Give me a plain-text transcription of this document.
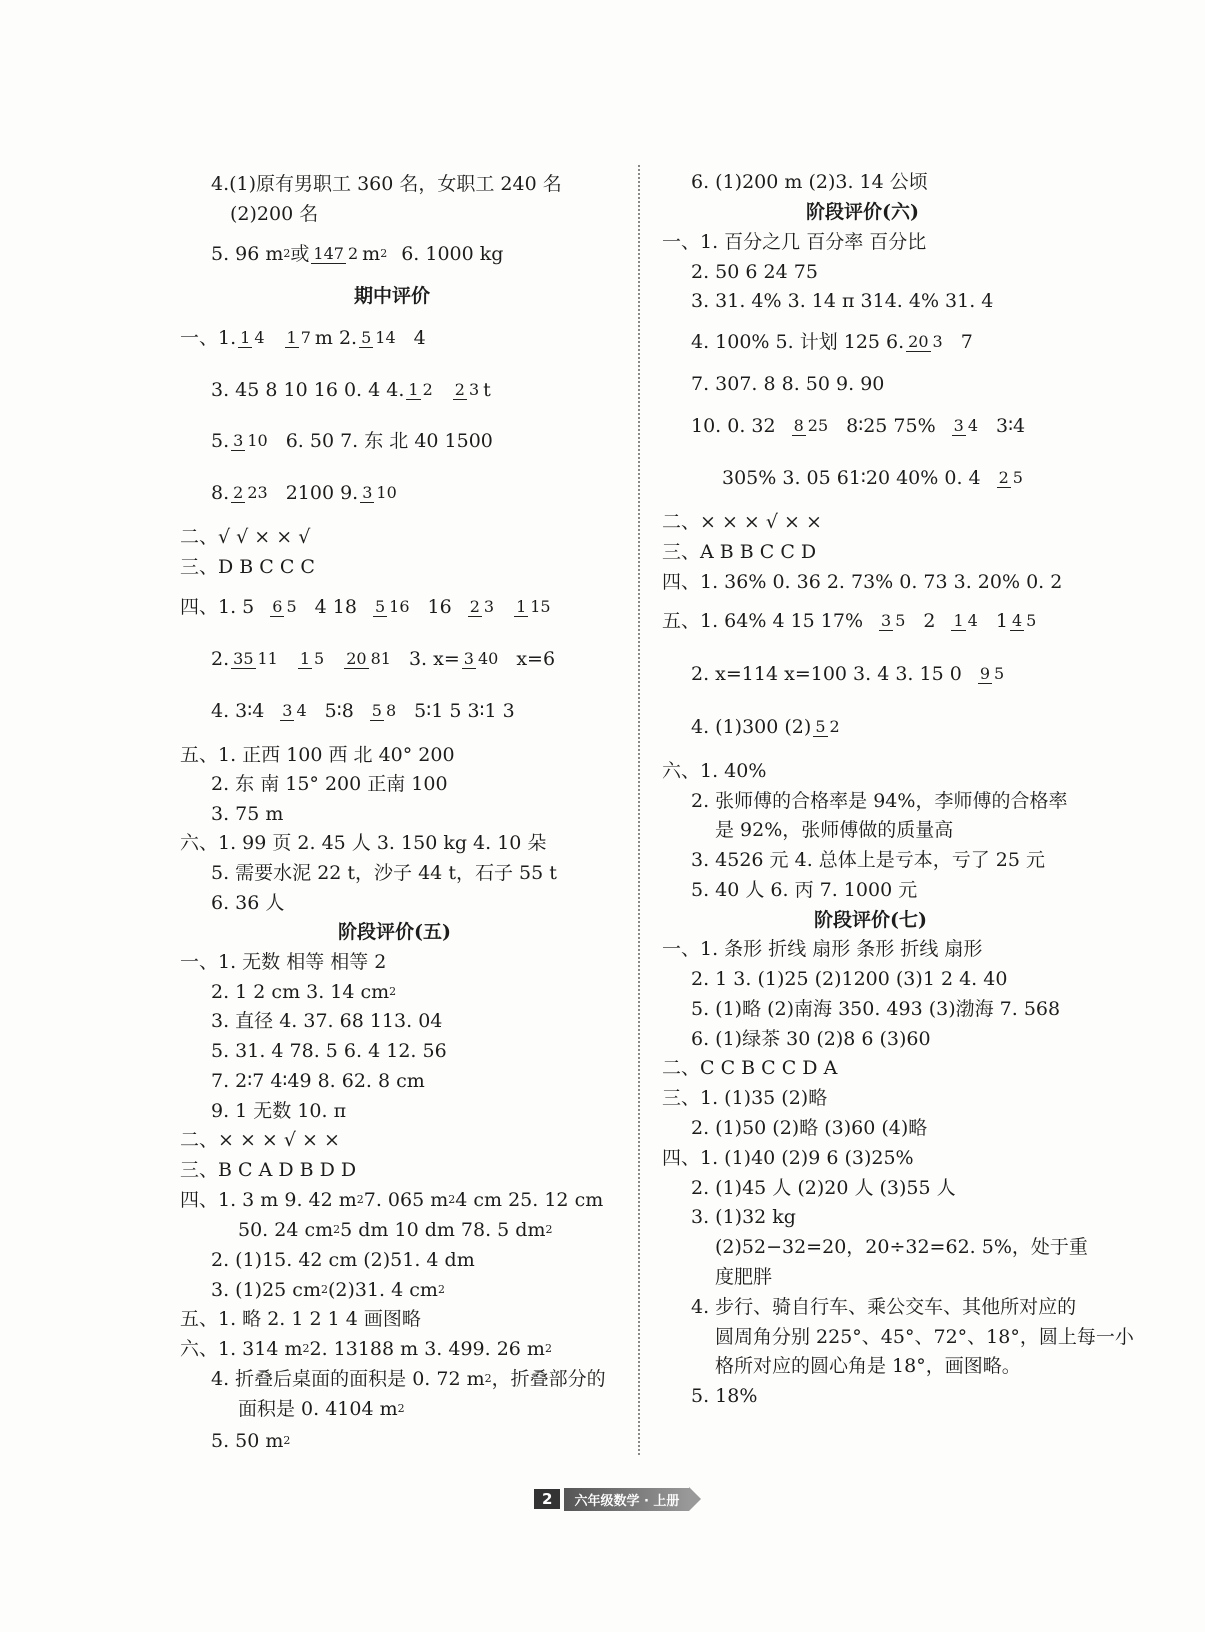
4.(1)原有男职工 360 名，女职工 240 名
(2)200 名
5. 96 m 2 或 147 2 m 2 6. 1000 kg
期中评价
一、1. 1 4 1 7 m 2. 5 14 4
3. 45 8 10 16 0. 4 4. 1 2 2 3 t
5. 3 10 6. 50 7. 东 北 40 1500
8. 2 23 2100 9. 3 10
二、√ √ × × √
三、D B C C C
四、1. 5 6 5 4 18 5 16 16 2 3 1 15
2. 35 11 1 5 20 81 3. x= 3 40 x=6
4. 3∶4 3 4 5∶8 5 8 5∶1 5 3∶1 3
五、1. 正西 100 西 北 40° 200
2. 东 南 15° 200 正南 100
3. 75 m
六、1. 99 页 2. 45 人 3. 150 kg 4. 10 朵
5. 需要水泥 22 t，沙子 44 t，石子 55 t
6. 36 人
阶段评价(五)
一、1. 无数 相等 相等 2
2. 1 2 cm 3. 14 cm 2
3. 直径 4. 37. 68 113. 04
5. 31. 4 78. 5 6. 4 12. 56
7. 2∶7 4∶49 8. 62. 8 cm
9. 1 无数 10. π
二、× × × √ × ×
三、B C A D B D D
四、1. 3 m 9. 42 m 2 7. 065 m 2 4 cm 25. 12 cm
50. 24 cm 2 5 dm 10 dm 78. 5 dm 2
2. (1)15. 42 cm (2)51. 4 dm
3. (1)25 cm 2 (2)31. 4 cm 2
五、1. 略 2. 1 2 1 4 画图略
六、1. 314 m 2 2. 13188 m 3. 499. 26 m 2
4. 折叠后桌面的面积是 0. 72 m 2 ，折叠部分的
面积是 0. 4104 m 2
5. 50 m 2
6. (1)200 m (2)3. 14 公顷
阶段评价(六)
一、1. 百分之几 百分率 百分比
2. 50 6 24 75
3. 31. 4% 3. 14 π 314. 4% 31. 4
4. 100% 5. 计划 125 6. 20 3 7
7. 307. 8 8. 50 9. 90
10. 0. 32 8 25 8∶25 75% 3 4 3∶4
305% 3. 05 61∶20 40% 0. 4 2 5
二、× × × √ × ×
三、A B B C C D
四、1. 36% 0. 36 2. 73% 0. 73 3. 20% 0. 2
五、1. 64% 4 15 17% 3 5 2 1 4 1 4 5
2. x=114 x=100 3. 4 3. 15 0 9 5
4. (1)300 (2) 5 2
六、1. 40%
2. 张师傅的合格率是 94%，李师傅的合格率
是 92%，张师傅做的质量高
3. 4526 元 4. 总体上是亏本，亏了 25 元
5. 40 人 6. 丙 7. 1000 元
阶段评价(七)
一、1. 条形 折线 扇形 条形 折线 扇形
2. 1 3. (1)25 (2)1200 (3)1 2 4. 40
5. (1)略 (2)南海 350. 493 (3)渤海 7. 568
6. (1)绿茶 30 (2)8 6 (3)60
二、C C B C C D A
三、1. (1)35 (2)略
2. (1)50 (2)略 (3)60 (4)略
四、1. (1)40 (2)9 6 (3)25%
2. (1)45 人 (2)20 人 (3)55 人
3. (1)32 kg
(2)52−32=20，20÷32=62. 5%，处于重
度肥胖
4. 步行、骑自行车、乘公交车、其他所对应的
圆周角分别 225°、45°、72°、18°，圆上每一小
格所对应的圆心角是 18°，画图略。
5. 18%
2	六年级数学 · 上册
